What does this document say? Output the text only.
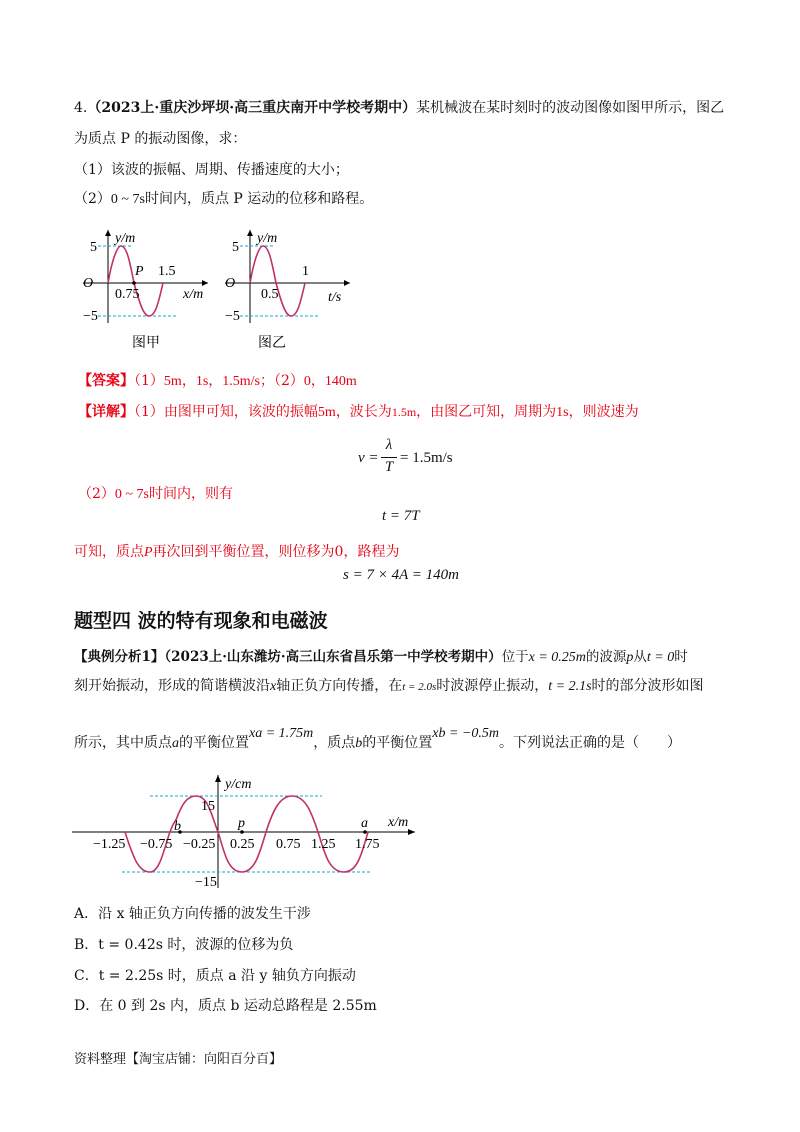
4.（2023上·重庆沙坪坝·高三重庆南开中学校考期中）某机械波在某时刻时的波动图像如图甲所示，图乙
为质点 P 的振动图像，求：
（1）该波的振幅、周期、传播速度的大小；
（2）0 ~ 7s时间内，质点 P 运动的位移和路程。
y/m
5
O
P 1.5
0.75	x/m
−5
图甲
y/m
5
O
1
0.5	t/s
−5
图乙
【答案】（1）5m，1s，1.5m/s；（2）0，140m
【详解】（1）由图甲可知，该波的振幅5m，波长为1.5m，由图乙可知，周期为1s，则波速为
v =
λ
T
= 1.5m/s
（2）0 ~ 7s时间内，则有
t = 7T
可知，质点P再次回到平衡位置，则位移为0，路程为
s = 7 × 4A = 140m
题型四 波的特有现象和电磁波
【典例分析1】（2023上·山东潍坊·高三山东省昌乐第一中学校考期中）位于x = 0.25m的波源p从t = 0时
刻开始振动，形成的简谐横波沿x轴正负方向传播，在t = 2.0s时波源停止振动，t = 2.1s时的部分波形如图
所示，其中质点a的平衡位置xa = 1.75m，质点b的平衡位置xb = −0.5m。下列说法正确的是（　　）
y/cm
15
x/m
b	p	a
−1.25 −0.75 −0.25 0.25 0.75 1.25 1.75
−15
A．沿 x 轴正负方向传播的波发生干涉
B．t = 0.42s 时，波源的位移为负
C．t = 2.25s 时，质点 a 沿 y 轴负方向振动
D．在 0 到 2s 内，质点 b 运动总路程是 2.55m
资料整理【淘宝店铺：向阳百分百】
